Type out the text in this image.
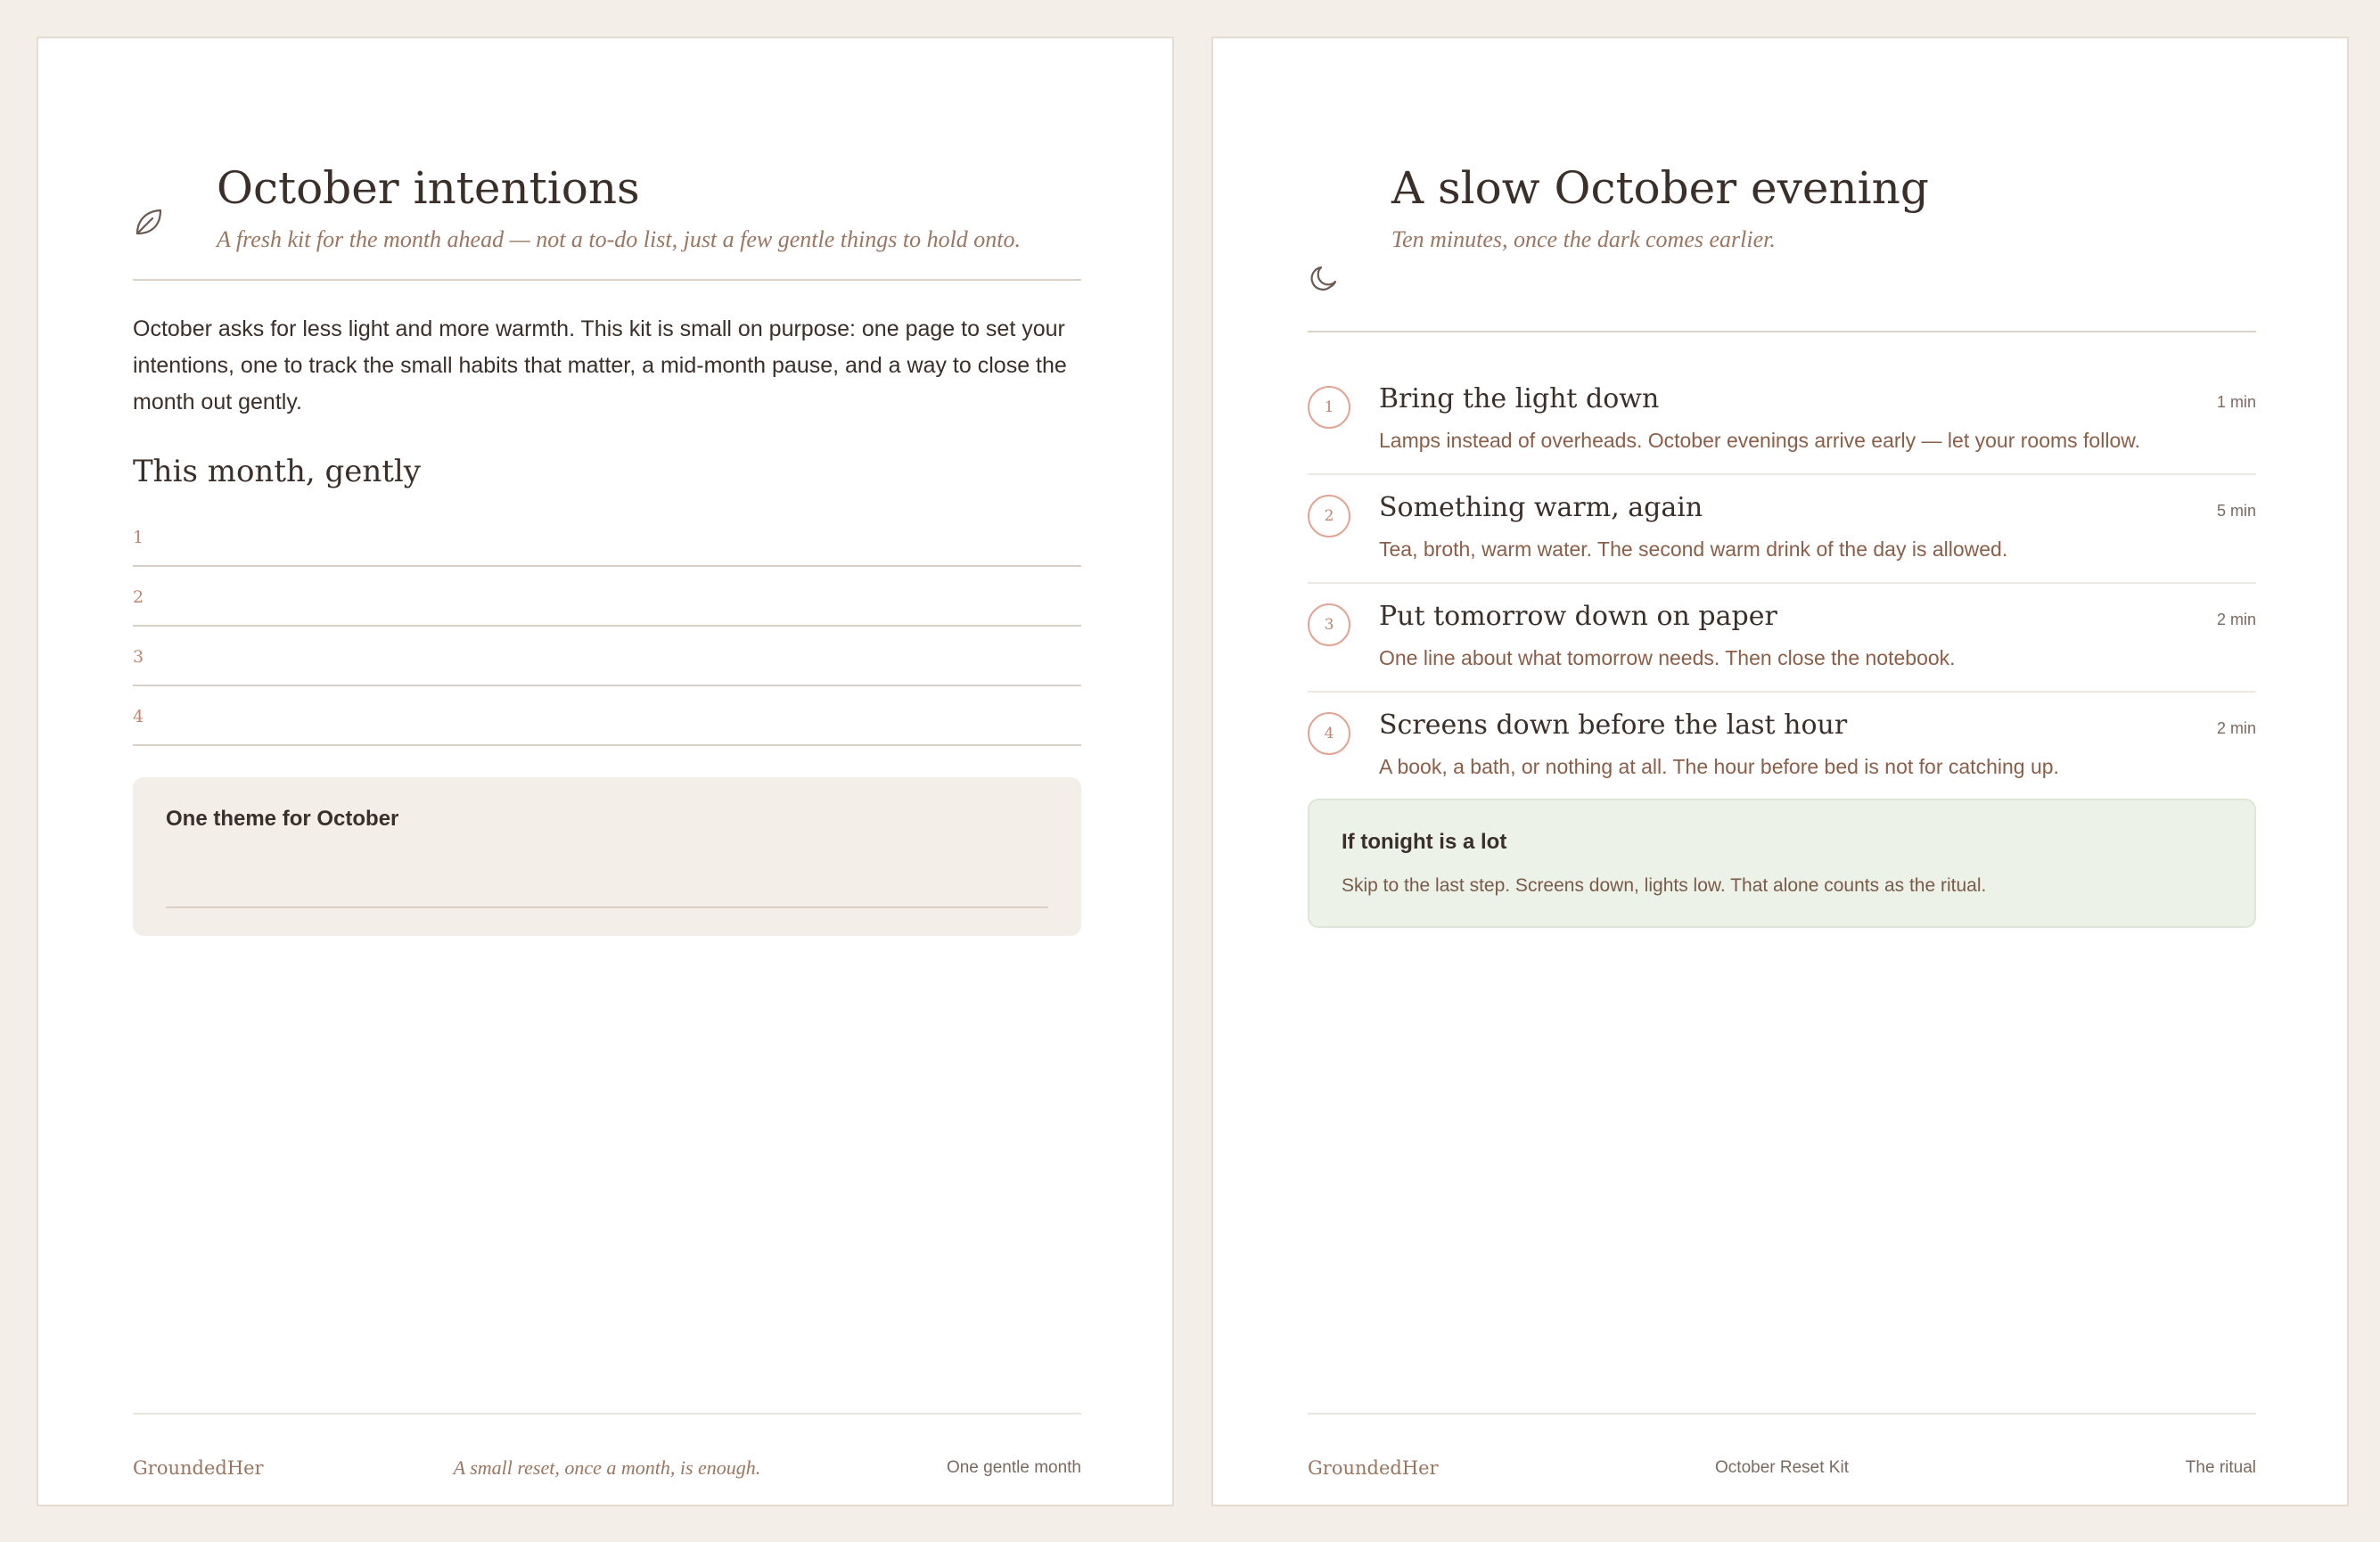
October intentions

A fresh kit for the month ahead — not a to-do list, just a few gentle things to hold onto.

October asks for less light and more warmth. This kit is small on purpose: one page to set your intentions, one to track the small habits that matter, a mid-month pause, and a way to close the month out gently.

This month, gently
1
2
3
4
One theme for October
GroundedHer	A small reset, once a month, is enough.	One gentle month
A slow October evening

Ten minutes, once the dark comes earlier.

1	Bring the light down
Lamps instead of overheads. October evenings arrive early — let your rooms follow.
1 min
2	Something warm, again
Tea, broth, warm water. The second warm drink of the day is allowed.
5 min
3	Put tomorrow down on paper
One line about what tomorrow needs. Then close the notebook.
2 min
4	Screens down before the last hour
A book, a bath, or nothing at all. The hour before bed is not for catching up.
2 min
If tonight is a lot
Skip to the last step. Screens down, lights low. That alone counts as the ritual.
GroundedHer	October Reset Kit	The ritual
